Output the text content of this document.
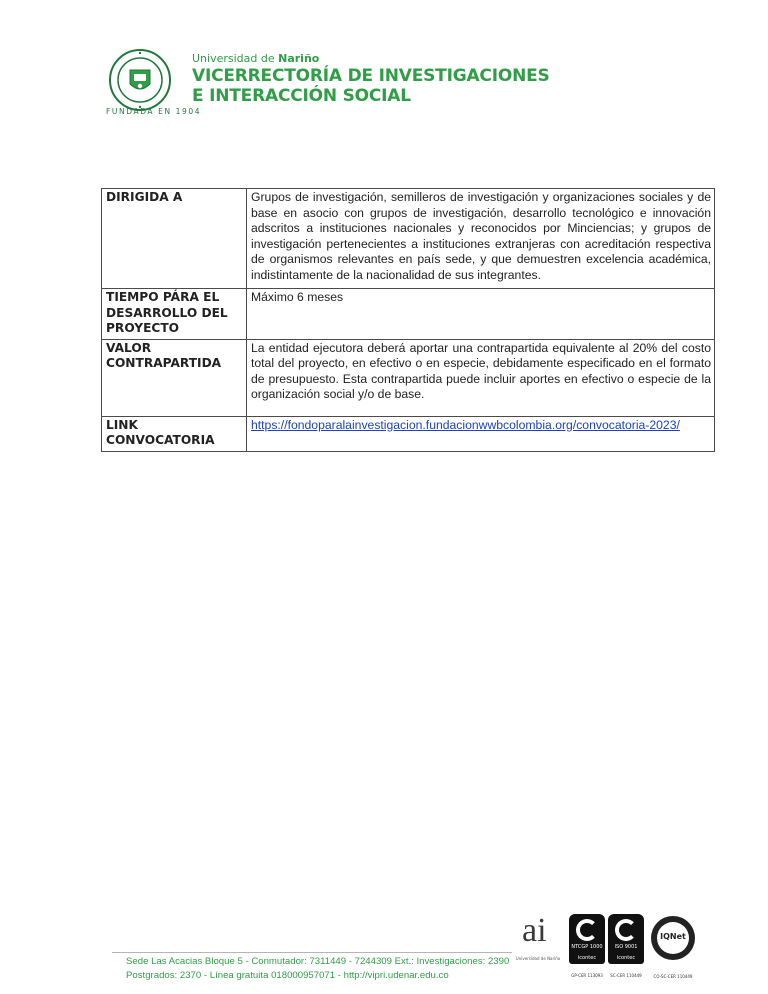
FUNDADA EN 1904
Universidad de Nariño
VICERRECTORÍA DE INVESTIGACIONES
E INTERACCIÓN SOCIAL
DIRIGIDA A	Grupos de investigación, semilleros de investigación y organizaciones sociales y de base en asocio con grupos de investigación, desarrollo tecnológico e innovación adscritos a instituciones nacionales y reconocidos por Minciencias; y grupos de investigación pertenecientes a instituciones extranjeras con acreditación respectiva de organismos relevantes en país sede, y que demuestren excelencia académica, indistintamente de la nacionalidad de sus integrantes.
TIEMPO PÁRA EL DESARROLLO DEL PROYECTO	Máximo 6 meses
VALOR CONTRAPARTIDA	La entidad ejecutora deberá aportar una contrapartida equivalente al 20% del costo total del proyecto, en efectivo o en especie, debidamente especificado en el formato de presupuesto. Esta contrapartida puede incluir aportes en efectivo o especie de la organización social y/o de base.
LINK CONVOCATORIA	https://fondoparalainvestigacion.fundacionwwbcolombia.org/convocatoria-2023/
Sede Las Acacias Bloque 5 - Conmutador: 7311449 - 7244309 Ext.: Investigaciones: 2390
Postgrados: 2370 - Línea gratuita 018000957071 - http://vipri.udenar.edu.co
ai
Universidad de Nariño
NTCGP 1000
icontec
GP-CER 113093
ISO 9001
icontec
SC-CER 110449
IQNet
CO-SC-CER 110449
